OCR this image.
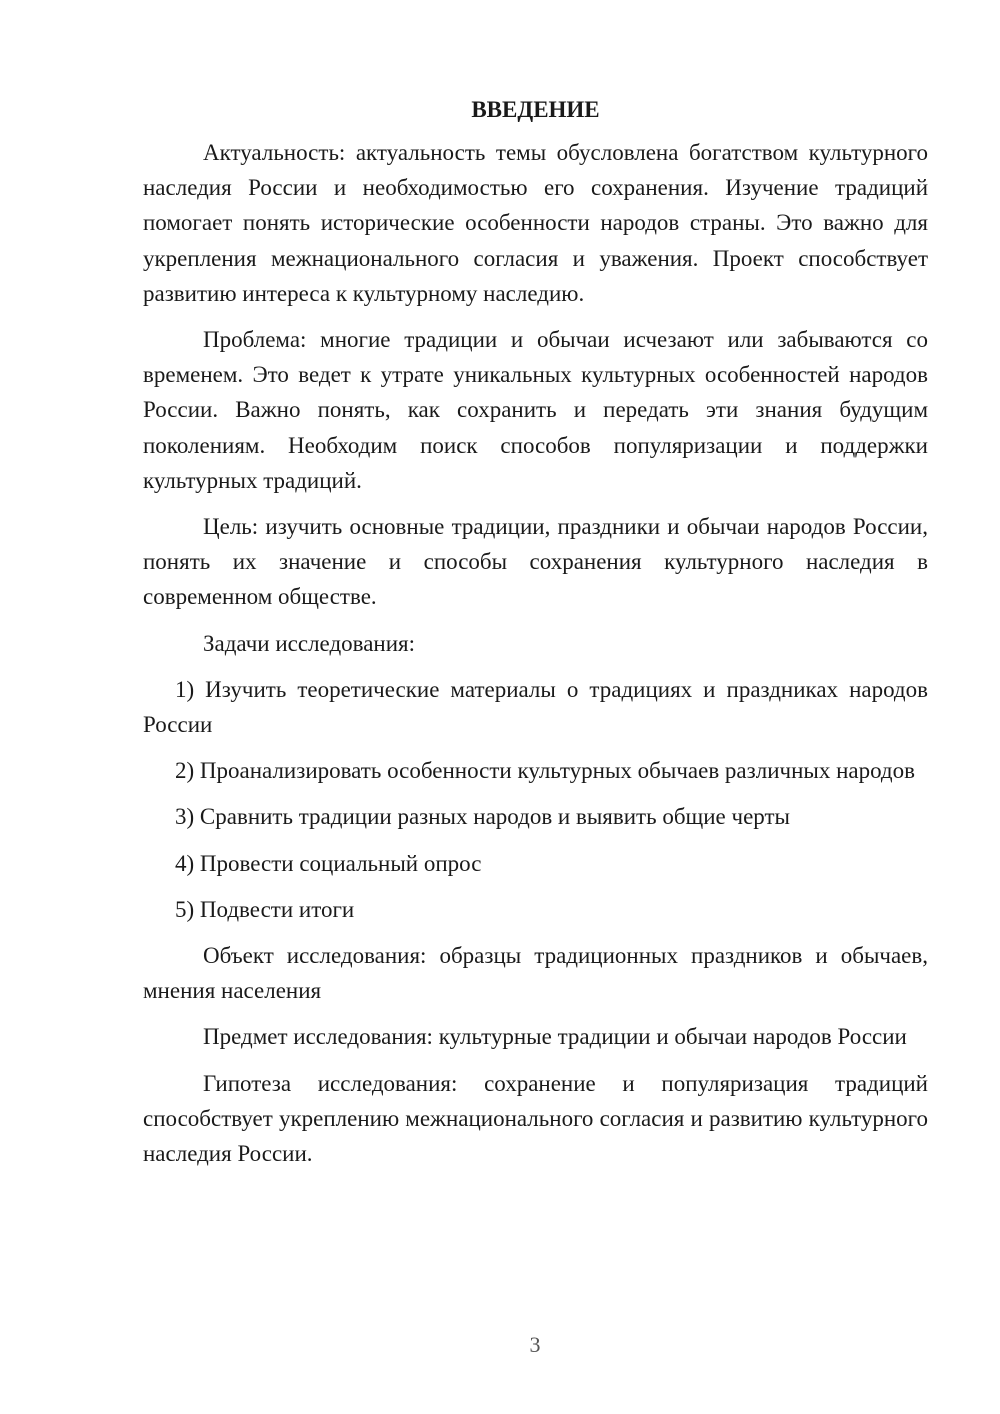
ВВЕДЕНИЕ

Актуальность: актуальность темы обусловлена богатством культурного наследия России и необходимостью его сохранения. Изучение традиций помогает понять исторические особенности народов страны. Это важно для укрепления межнационального согласия и уважения. Проект способствует развитию интереса к культурному наследию.

Проблема: многие традиции и обычаи исчезают или забываются со временем. Это ведет к утрате уникальных культурных особенностей народов России. Важно понять, как сохранить и передать эти знания будущим поколениям. Необходим поиск способов популяризации и поддержки культурных традиций.

Цель: изучить основные традиции, праздники и обычаи народов России, понять их значение и способы сохранения культурного наследия в современном обществе.

Задачи исследования:

1) Изучить теоретические материалы о традициях и праздниках народов России

2) Проанализировать особенности культурных обычаев различных народов

3) Сравнить традиции разных народов и выявить общие черты

4) Провести социальный опрос

5) Подвести итоги

Объект исследования: образцы традиционных праздников и обычаев, мнения населения

Предмет исследования: культурные традиции и обычаи народов России

Гипотеза исследования: сохранение и популяризация традиций способствует укреплению межнационального согласия и развитию культурного наследия России.

3
